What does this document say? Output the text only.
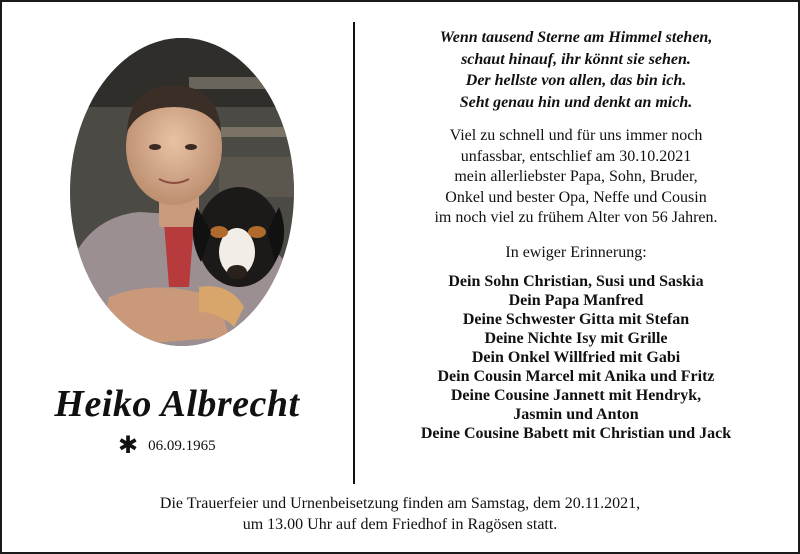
Heiko Albrecht
✱ 06.09.1965
Wenn tausend Sterne am Himmel stehen,
schaut hinauf, ihr könnt sie sehen.
Der hellste von allen, das bin ich.
Seht genau hin und denkt an mich.
Viel zu schnell und für uns immer noch
unfassbar, entschlief am 30.10.2021
mein allerliebster Papa, Sohn, Bruder,
Onkel und bester Opa, Neffe und Cousin
im noch viel zu frühem Alter von 56 Jahren.
In ewiger Erinnerung:
Dein Sohn Christian, Susi und Saskia
Dein Papa Manfred
Deine Schwester Gitta mit Stefan
Deine Nichte Isy mit Grille
Dein Onkel Willfried mit Gabi
Dein Cousin Marcel mit Anika und Fritz
Deine Cousine Jannett mit Hendryk,
Jasmin und Anton
Deine Cousine Babett mit Christian und Jack
Die Trauerfeier und Urnenbeisetzung finden am Samstag, dem 20.11.2021,
um 13.00 Uhr auf dem Friedhof in Ragösen statt.
